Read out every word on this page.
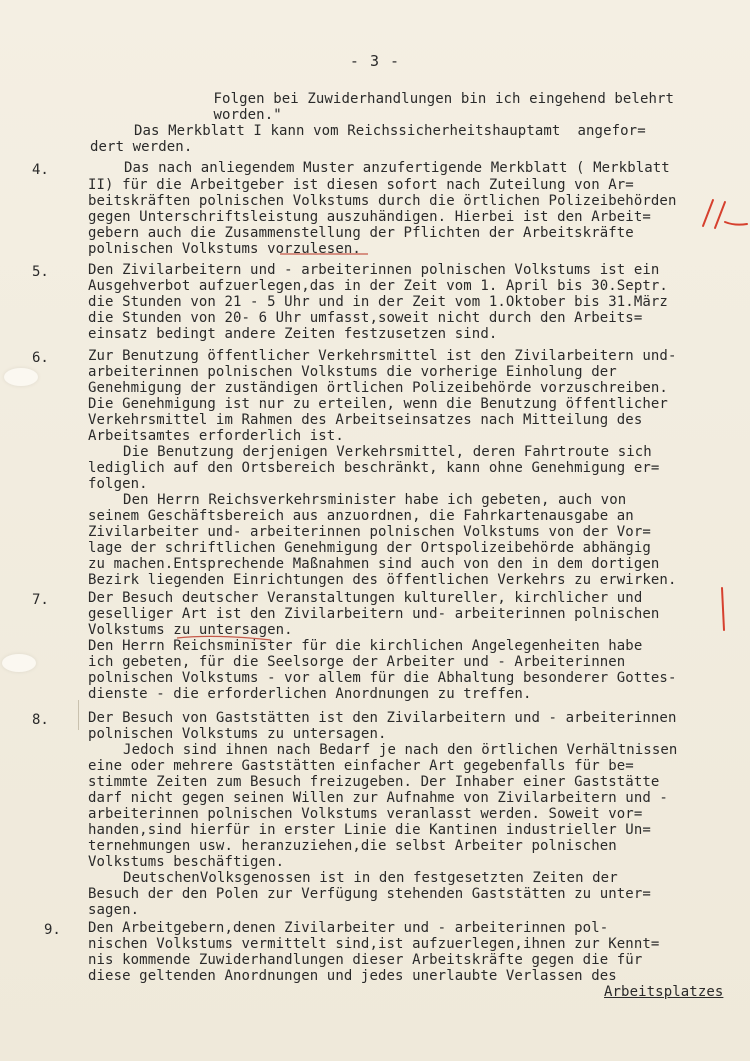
- 3 -
Folgen bei Zuwiderhandlungen bin ich eingehend belehrt
worden."
Das Merkblatt I kann vom Reichssicherheitshauptamt  angefor=
dert werden.
4.	Das nach anliegendem Muster anzufertigende Merkblatt ( Merkblatt
II) für die Arbeitgeber ist diesen sofort nach Zuteilung von Ar=
beitskräften polnischen Volkstums durch die örtlichen Polizeibehörden
gegen Unterschriftsleistung auszuhändigen. Hierbei ist den Arbeit=
gebern auch die Zusammenstellung der Pflichten der Arbeitskräfte
polnischen Volkstums vorzulesen.
5.	Den Zivilarbeitern und - arbeiterinnen polnischen Volkstums ist ein
Ausgehverbot aufzuerlegen,das in der Zeit vom 1. April bis 30.Septr.
die Stunden von 21 - 5 Uhr und in der Zeit vom 1.Oktober bis 31.März
die Stunden von 20- 6 Uhr umfasst,soweit nicht durch den Arbeits=
einsatz bedingt andere Zeiten festzusetzen sind.
6.	Zur Benutzung öffentlicher Verkehrsmittel ist den Zivilarbeitern und-
arbeiterinnen polnischen Volkstums die vorherige Einholung der
Genehmigung der zuständigen örtlichen Polizeibehörde vorzuschreiben.
Die Genehmigung ist nur zu erteilen, wenn die Benutzung öffentlicher
Verkehrsmittel im Rahmen des Arbeitseinsatzes nach Mitteilung des
Arbeitsamtes erforderlich ist.
Die Benutzung derjenigen Verkehrsmittel, deren Fahrtroute sich
lediglich auf den Ortsbereich beschränkt, kann ohne Genehmigung er=
folgen.
Den Herrn Reichsverkehrsminister habe ich gebeten, auch von
seinem Geschäftsbereich aus anzuordnen, die Fahrkartenausgabe an
Zivilarbeiter und- arbeiterinnen polnischen Volkstums von der Vor=
lage der schriftlichen Genehmigung der Ortspolizeibehörde abhängig
zu machen.Entsprechende Maßnahmen sind auch von den in dem dortigen
Bezirk liegenden Einrichtungen des öffentlichen Verkehrs zu erwirken.
7.	Der Besuch deutscher Veranstaltungen kultureller, kirchlicher und
geselliger Art ist den Zivilarbeitern und- arbeiterinnen polnischen
Volkstums zu untersagen.
Den Herrn Reichsminister für die kirchlichen Angelegenheiten habe
ich gebeten, für die Seelsorge der Arbeiter und - Arbeiterinnen
polnischen Volkstums - vor allem für die Abhaltung besonderer Gottes-
dienste - die erforderlichen Anordnungen zu treffen.
8.	Der Besuch von Gaststätten ist den Zivilarbeitern und - arbeiterinnen
polnischen Volkstums zu untersagen.
Jedoch sind ihnen nach Bedarf je nach den örtlichen Verhältnissen
eine oder mehrere Gaststätten einfacher Art gegebenfalls für be=
stimmte Zeiten zum Besuch freizugeben. Der Inhaber einer Gaststätte
darf nicht gegen seinen Willen zur Aufnahme von Zivilarbeitern und -
arbeiterinnen polnischen Volkstums veranlasst werden. Soweit vor=
handen,sind hierfür in erster Linie die Kantinen industrieller Un=
ternehmungen usw. heranzuziehen,die selbst Arbeiter polnischen
Volkstums beschäftigen.
DeutschenVolksgenossen ist in den festgesetzten Zeiten der
Besuch der den Polen zur Verfügung stehenden Gaststätten zu unter=
sagen.
9. Den Arbeitgebern,denen Zivilarbeiter und - arbeiterinnen pol-
nischen Volkstums vermittelt sind,ist aufzuerlegen,ihnen zur Kennt=
nis kommende Zuwiderhandlungen dieser Arbeitskräfte gegen die für
diese geltenden Anordnungen und jedes unerlaubte Verlassen des
Arbeitsplatzes
